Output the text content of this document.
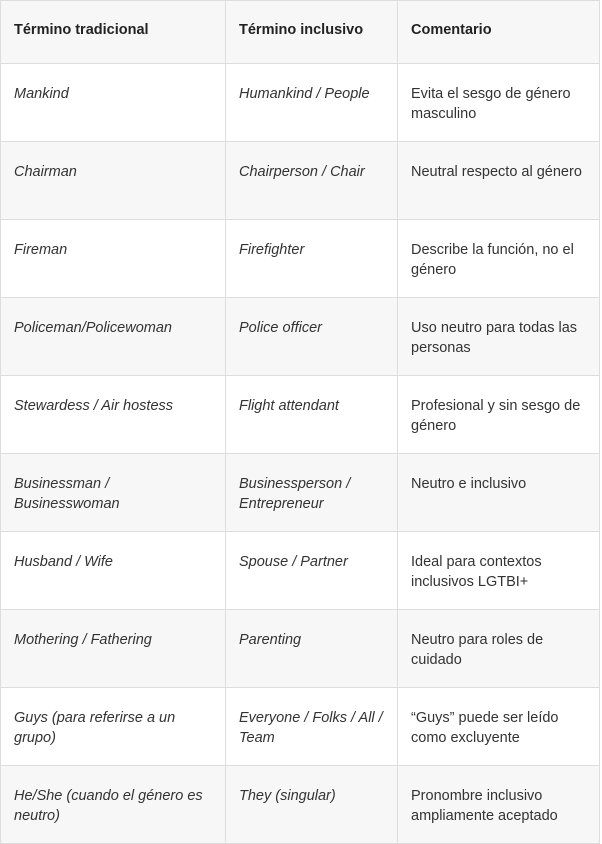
Término tradicional	Término inclusivo	Comentario
Mankind	Humankind / People	Evita el sesgo de género masculino
Chairman	Chairperson / Chair	Neutral respecto al género
Fireman	Firefighter	Describe la función, no el género
Policeman/Policewoman	Police officer	Uso neutro para todas las personas
Stewardess / Air hostess	Flight attendant	Profesional y sin sesgo de género
Businessman / Businesswoman	Businessperson / Entrepreneur	Neutro e inclusivo
Husband / Wife	Spouse / Partner	Ideal para contextos inclusivos LGTBI+
Mothering / Fathering	Parenting	Neutro para roles de cuidado
Guys (para referirse a un grupo)	Everyone / Folks / All / Team	“Guys” puede ser leído como excluyente
He/She (cuando el género es neutro)	They (singular)	Pronombre inclusivo ampliamente aceptado
